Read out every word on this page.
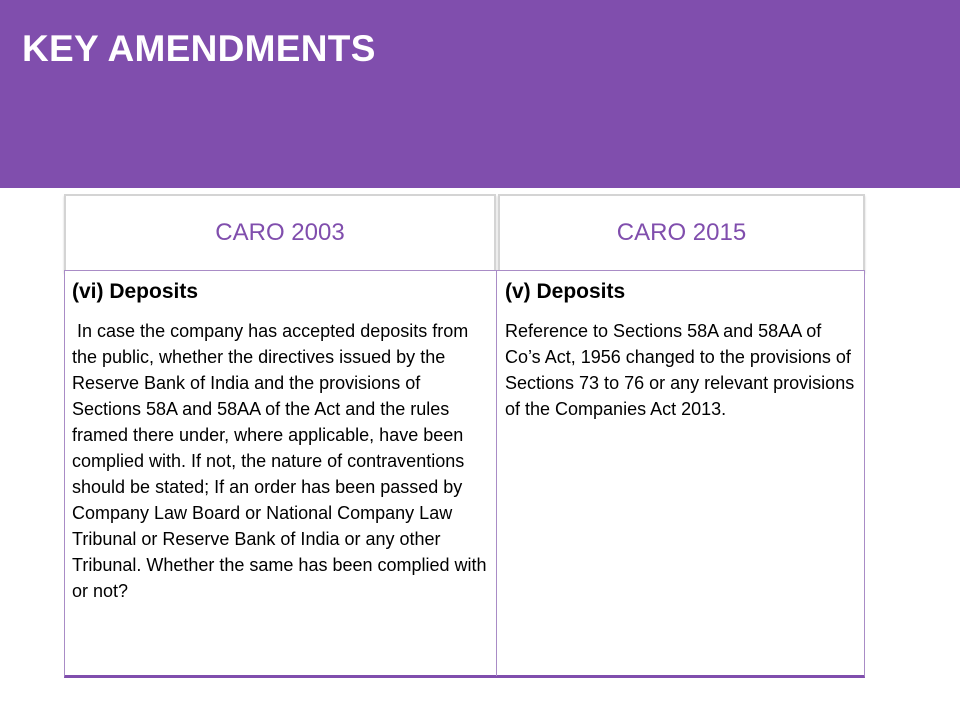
KEY AMENDMENTS
CARO 2003	CARO 2015
(vi) Deposits	(v) Deposits
In case the company has accepted deposits from the public, whether the directives issued by the Reserve Bank of India and the provisions of Sections 58A and 58AA of the Act and the rules framed there under, where applicable, have been complied with. If not, the nature of contraventions should be stated; If an order has been passed by Company Law Board or National Company Law Tribunal or Reserve Bank of India or any other Tribunal. Whether the same has been complied with or not?
Reference to Sections 58A and 58AA of Co’s Act, 1956 changed to the provisions of Sections 73 to 76 or any relevant provisions of the Companies Act 2013.
